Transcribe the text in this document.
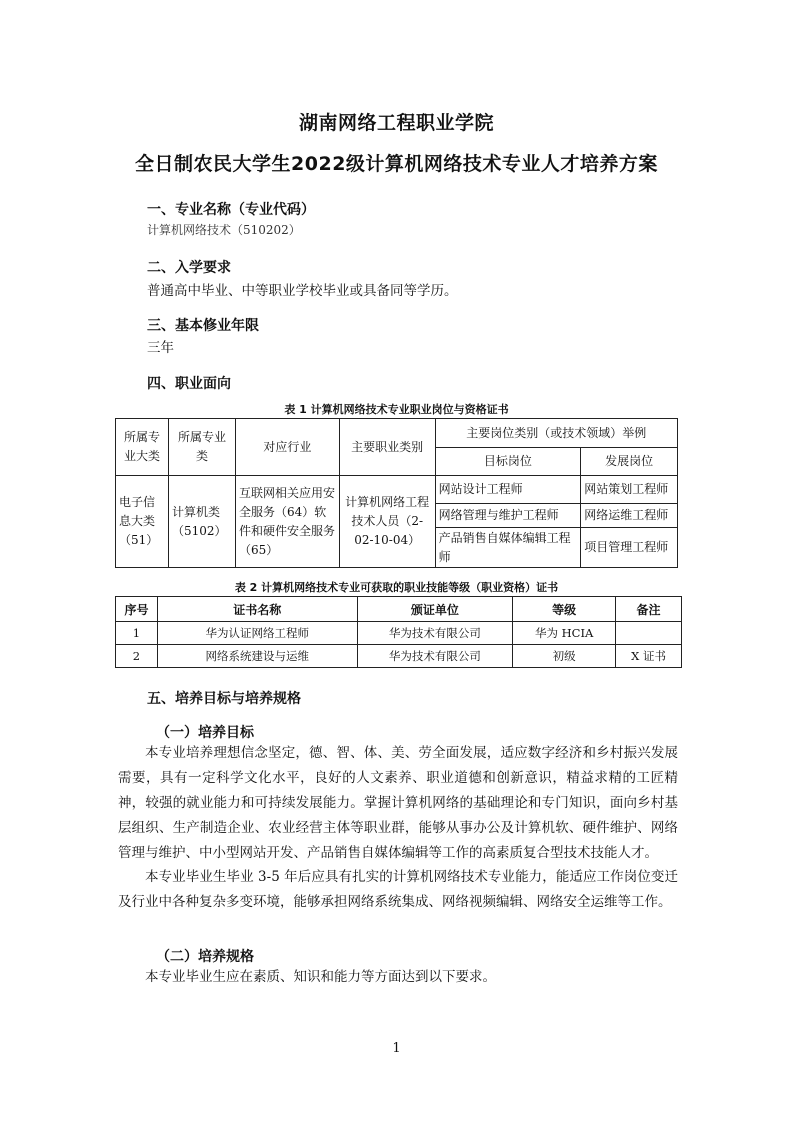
湖南网络工程职业学院
全日制农民大学生2022级计算机网络技术专业人才培养方案
一、专业名称（专业代码）
计算机网络技术（510202）
二、入学要求
普通高中毕业、中等职业学校毕业或具备同等学历。
三、基本修业年限
三年
四、职业面向
表 1 计算机网络技术专业职业岗位与资格证书
所属专业大类	所属专业类	对应行业	主要职业类别	主要岗位类别（或技术领域）举例	
				目标岗位	发展岗位
电子信息大类（51）	计算机类（5102）	互联网相关应用安全服务（64）软件和硬件安全服务（65）	计算机网络工程技术人员（2-02-10-04）	网站设计工程师	网站策划工程师
				网络管理与维护工程师	网络运维工程师
				产品销售自媒体编辑工程师	项目管理工程师
表 2 计算机网络技术专业可获取的职业技能等级（职业资格）证书
序号	证书名称	颁证单位	等级	备注
1	华为认证网络工程师	华为技术有限公司	华为 HCIA	
2	网络系统建设与运维	华为技术有限公司	初级	X 证书
五、培养目标与培养规格
（一）培养目标
本专业培养理想信念坚定，德、智、体、美、劳全面发展，适应数字经济和乡村振兴发展需要，具有一定科学文化水平，良好的人文素养、职业道德和创新意识，精益求精的工匠精神，较强的就业能力和可持续发展能力。掌握计算机网络的基础理论和专门知识，面向乡村基层组织、生产制造企业、农业经营主体等职业群，能够从事办公及计算机软、硬件维护、网络管理与维护、中小型网站开发、产品销售自媒体编辑等工作的高素质复合型技术技能人才。
本专业毕业生毕业 3-5 年后应具有扎实的计算机网络技术专业能力，能适应工作岗位变迁及行业中各种复杂多变环境，能够承担网络系统集成、网络视频编辑、网络安全运维等工作。
（二）培养规格
本专业毕业生应在素质、知识和能力等方面达到以下要求。
1
